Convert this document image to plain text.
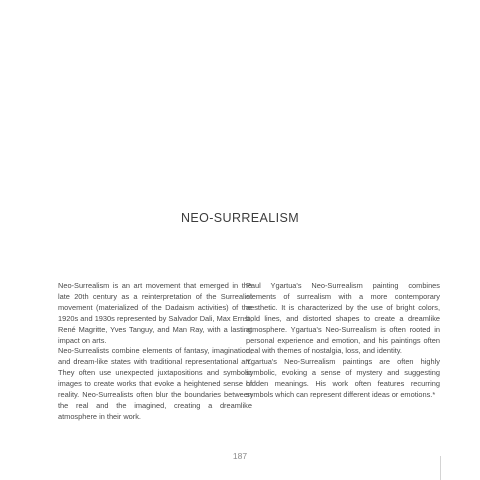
NEO-SURREALISM

Neo-Surrealism is an art movement that emerged in the late 20th century as a reinterpretation of the Surrealist movement (materialized of the Dadaism activities) of the 1920s and 1930s represented by Salvador Dali, Max Ernst, René Magritte, Yves Tanguy, and Man Ray, with a lasting impact on arts.

Neo-Surrealists combine elements of fantasy, imagination, and dream-like states with traditional representational art. They often use unexpected juxtapositions and symbolic images to create works that evoke a heightened sense of reality. Neo-Surrealists often blur the boundaries between the real and the imagined, creating a dreamlike atmosphere in their work.

Paul Ygartua's Neo-Surrealism painting combines elements of surrealism with a more contemporary aesthetic. It is characterized by the use of bright colors, bold lines, and distorted shapes to create a dreamlike atmosphere. Ygartua's Neo-Surrealism is often rooted in personal experience and emotion, and his paintings often deal with themes of nostalgia, loss, and identity.

Ygartua's Neo-Surrealism paintings are often highly symbolic, evoking a sense of mystery and suggesting hidden meanings. His work often features recurring symbols which can represent different ideas or emotions.*

187
